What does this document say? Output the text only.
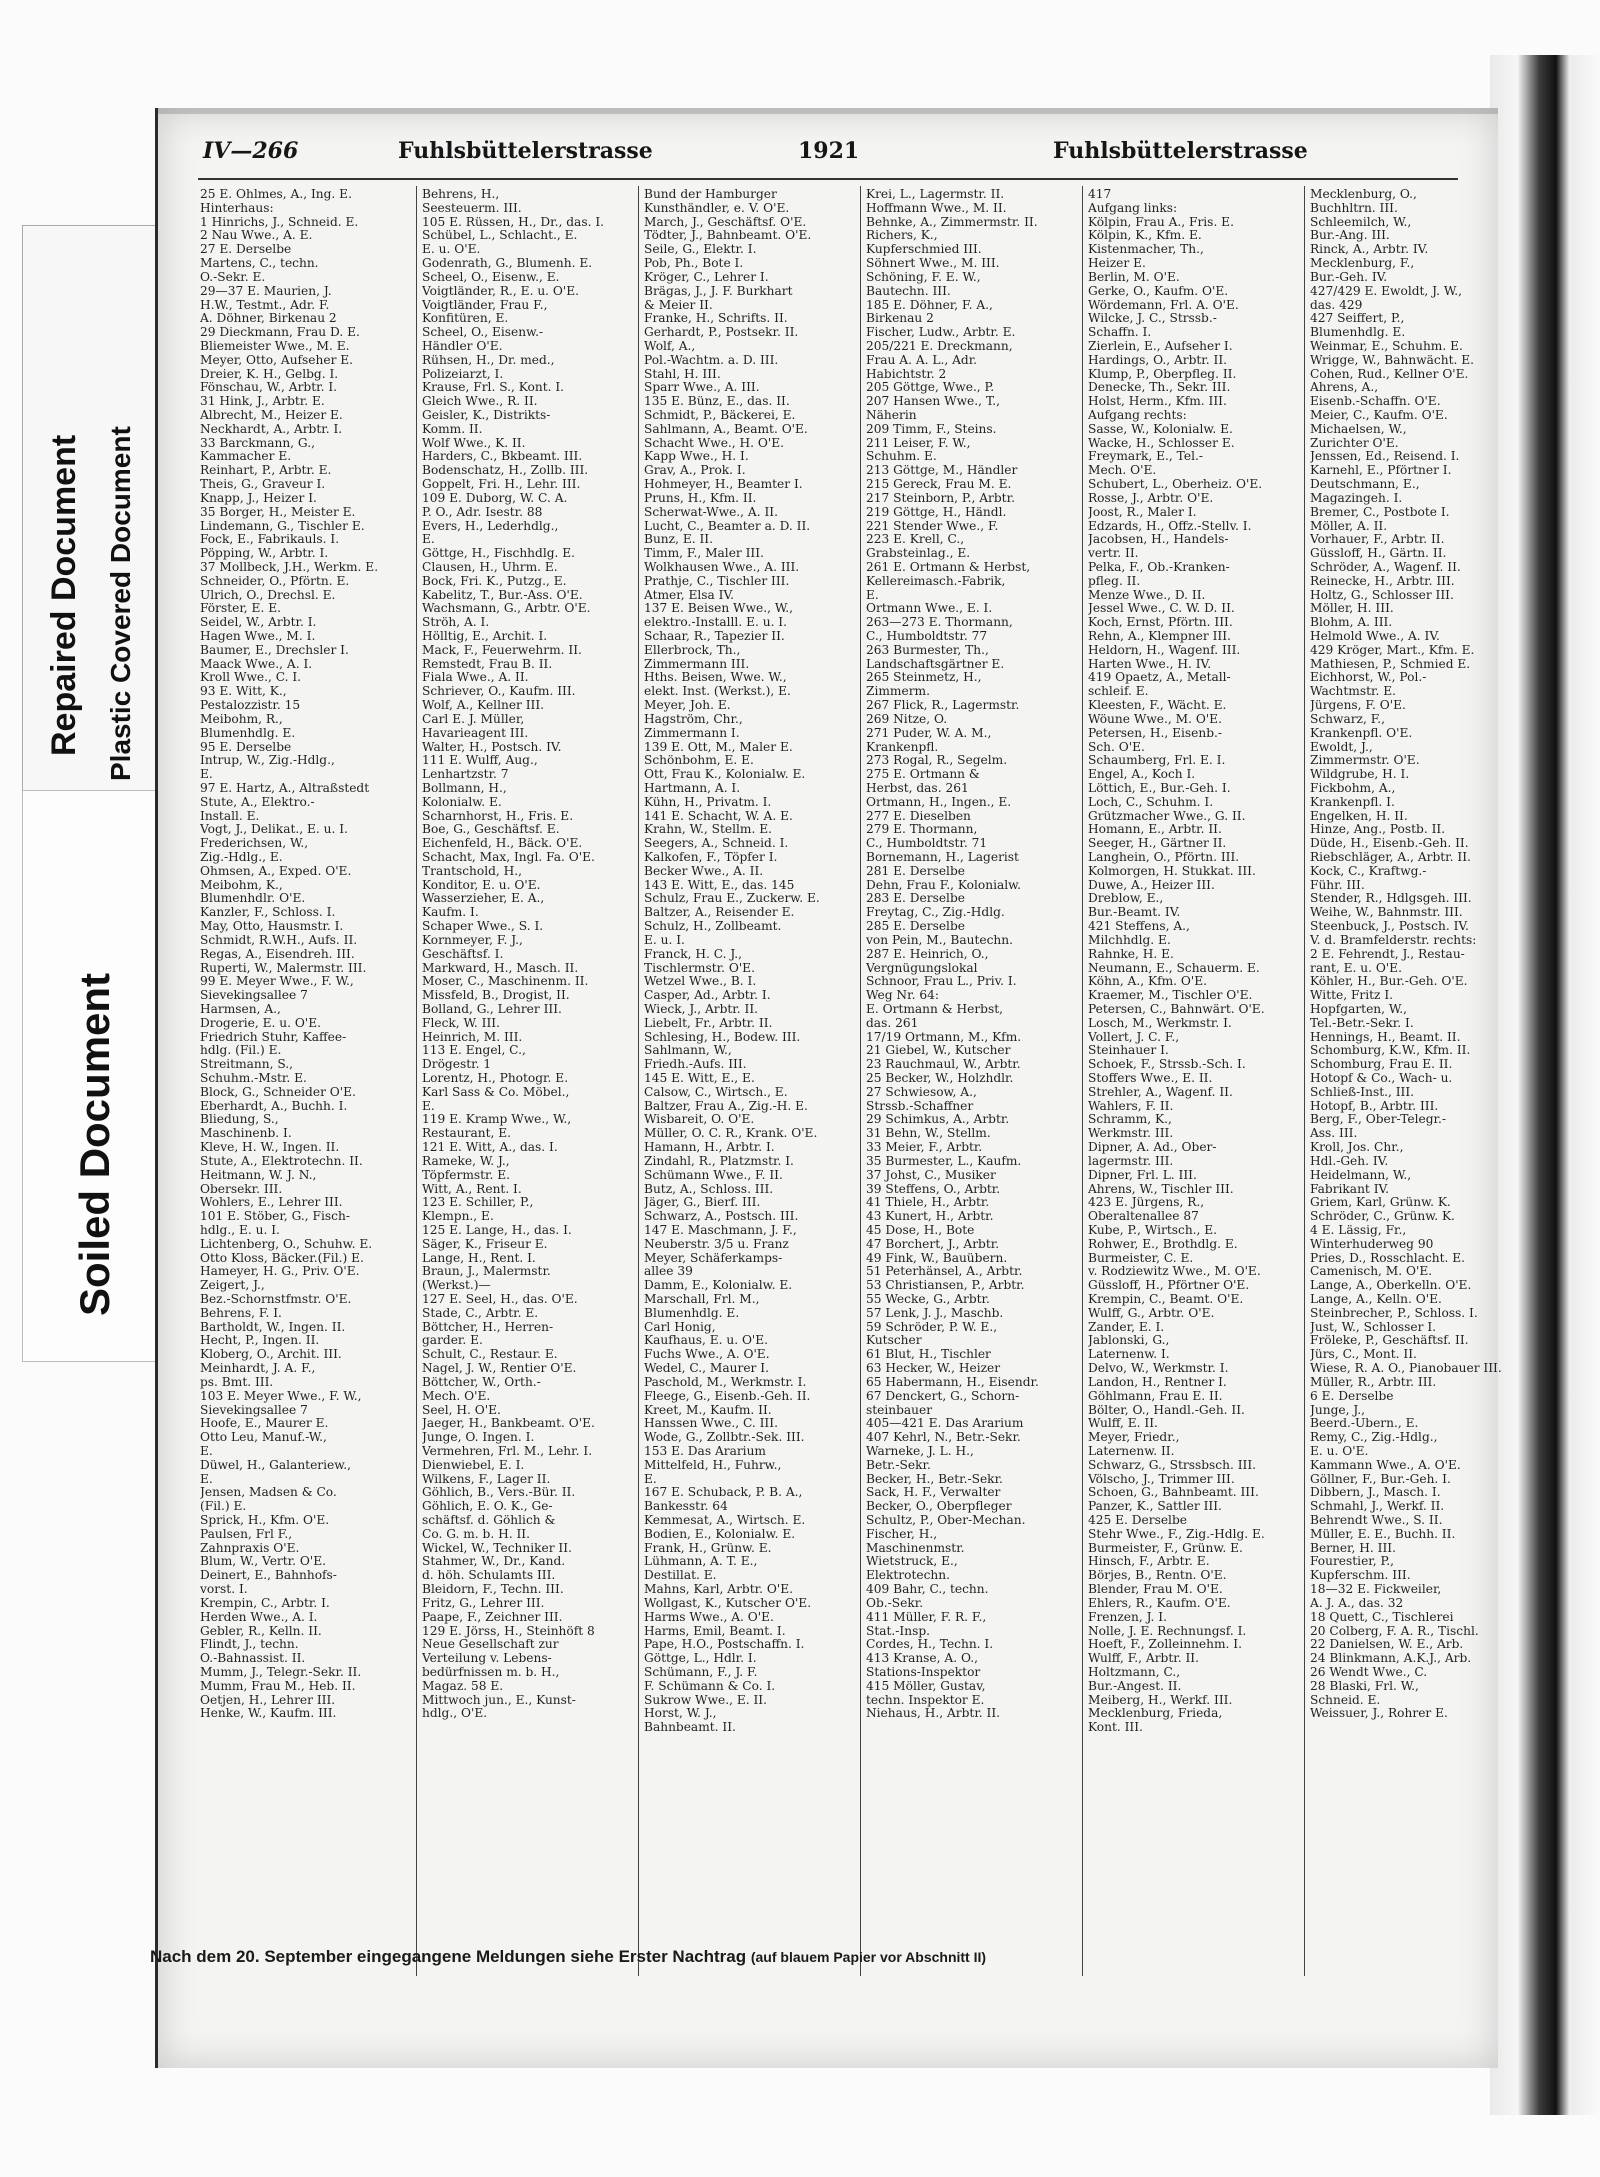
Repaired Document Plastic Covered Document
Soiled Document
IV—266	Fuhlsbüttelerstrasse	1921	Fuhlsbüttelerstrasse
25 E. Ohlmes, A., Ing. E.
Hinterhaus:
1 Hinrichs, J., Schneid. E.
2 Nau Wwe., A. E.
27 E. Derselbe
Martens, C., techn.
O.-Sekr. E.
29—37 E. Maurien, J.
H.W., Testmt., Adr. F.
A. Döhner, Birkenau 2
29 Dieckmann, Frau D. E.
Bliemeister Wwe., M. E.
Meyer, Otto, Aufseher E.
Dreier, K. H., Gelbg. I.
Fönschau, W., Arbtr. I.
31 Hink, J., Arbtr. E.
Albrecht, M., Heizer E.
Neckhardt, A., Arbtr. I.
33 Barckmann, G.,
Kammacher E.
Reinhart, P., Arbtr. E.
Theis, G., Graveur I.
Knapp, J., Heizer I.
35 Borger, H., Meister E.
Lindemann, G., Tischler E.
Fock, E., Fabrikauls. I.
Pöpping, W., Arbtr. I.
37 Mollbeck, J.H., Werkm. E.
Schneider, O., Pförtn. E.
Ulrich, O., Drechsl. E.
Förster, E. E.
Seidel, W., Arbtr. I.
Hagen Wwe., M. I.
Baumer, E., Drechsler I.
Maack Wwe., A. I.
Kroll Wwe., C. I.
93 E. Witt, K.,
Pestalozzistr. 15
Meibohm, R.,
Blumenhdlg. E.
95 E. Derselbe
Intrup, W., Zig.-Hdlg.,
E.
97 E. Hartz, A., Altraßstedt
Stute, A., Elektro.-
Install. E.
Vogt, J., Delikat., E. u. I.
Frederichsen, W.,
Zig.-Hdlg., E.
Ohmsen, A., Exped. O'E.
Meibohm, K.,
Blumenhdlr. O'E.
Kanzler, F., Schloss. I.
May, Otto, Hausmstr. I.
Schmidt, R.W.H., Aufs. II.
Regas, A., Eisendreh. III.
Ruperti, W., Malermstr. III.
99 E. Meyer Wwe., F. W.,
Sievekingsallee 7
Harmsen, A.,
Drogerie, E. u. O'E.
Friedrich Stuhr, Kaffee-
hdlg. (Fil.) E.
Streitmann, S.,
Schuhm.-Mstr. E.
Block, G., Schneider O'E.
Eberhardt, A., Buchh. I.
Bliedung, S.,
Maschinenb. I.
Kleve, H. W., Ingen. II.
Stute, A., Elektrotechn. II.
Heitmann, W. J. N.,
Obersekr. III.
Wohlers, E., Lehrer III.
101 E. Stöber, G., Fisch-
hdlg., E. u. I.
Lichtenberg, O., Schuhw. E.
Otto Kloss, Bäcker.(Fil.) E.
Hameyer, H. G., Priv. O'E.
Zeigert, J.,
Bez.-Schornstfmstr. O'E.
Behrens, F. I.
Bartholdt, W., Ingen. II.
Hecht, P., Ingen. II.
Kloberg, O., Archit. III.
Meinhardt, J. A. F.,
ps. Bmt. III.
103 E. Meyer Wwe., F. W.,
Sievekingsallee 7
Hoofe, E., Maurer E.
Otto Leu, Manuf.-W.,
E.
Düwel, H., Galanteriew.,
E.
Jensen, Madsen & Co.
(Fil.) E.
Sprick, H., Kfm. O'E.
Paulsen, Frl F.,
Zahnpraxis O'E.
Blum, W., Vertr. O'E.
Deinert, E., Bahnhofs-
vorst. I.
Krempin, C., Arbtr. I.
Herden Wwe., A. I.
Gebler, R., Kelln. II.
Flindt, J., techn.
O.-Bahnassist. II.
Mumm, J., Telegr.-Sekr. II.
Mumm, Frau M., Heb. II.
Oetjen, H., Lehrer III.
Henke, W., Kaufm. III.
Behrens, H.,
Seesteuerm. III.
105 E. Rüssen, H., Dr., das. I.
Schübel, L., Schlacht., E.
E. u. O'E.
Godenrath, G., Blumenh. E.
Scheel, O., Eisenw., E.
Voigtländer, R., E. u. O'E.
Voigtländer, Frau F.,
Konfitüren, E.
Scheel, O., Eisenw.-
Händler O'E.
Rühsen, H., Dr. med.,
Polizeiarzt, I.
Krause, Frl. S., Kont. I.
Gleich Wwe., R. II.
Geisler, K., Distrikts-
Komm. II.
Wolf Wwe., K. II.
Harders, C., Bkbeamt. III.
Bodenschatz, H., Zollb. III.
Goppelt, Fri. H., Lehr. III.
109 E. Duborg, W. C. A.
P. O., Adr. Isestr. 88
Evers, H., Lederhdlg.,
E.
Göttge, H., Fischhdlg. E.
Clausen, H., Uhrm. E.
Bock, Fri. K., Putzg., E.
Kabelitz, T., Bur.-Ass. O'E.
Wachsmann, G., Arbtr. O'E.
Ströh, A. I.
Hölltig, E., Archit. I.
Mack, F., Feuerwehrm. II.
Remstedt, Frau B. II.
Fiala Wwe., A. II.
Schriever, O., Kaufm. III.
Wolf, A., Kellner III.
Carl E. J. Müller,
Havarieagent III.
Walter, H., Postsch. IV.
111 E. Wulff, Aug.,
Lenhartzstr. 7
Bollmann, H.,
Kolonialw. E.
Scharnhorst, H., Fris. E.
Boe, G., Geschäftsf. E.
Eichenfeld, H., Bäck. O'E.
Schacht, Max, Ingl. Fa. O'E.
Trantschold, H.,
Konditor, E. u. O'E.
Wasserzieher, E. A.,
Kaufm. I.
Schaper Wwe., S. I.
Kornmeyer, F. J.,
Geschäftsf. I.
Markward, H., Masch. II.
Moser, C., Maschinenm. II.
Missfeld, B., Drogist, II.
Bolland, G., Lehrer III.
Fleck, W. III.
Heinrich, M. III.
113 E. Engel, C.,
Drögestr. 1
Lorentz, H., Photogr. E.
Karl Sass & Co. Möbel.,
E.
119 E. Kramp Wwe., W.,
Restaurant, E.
121 E. Witt, A., das. I.
Rameke, W. J.,
Töpfermstr. E.
Witt, A., Rent. I.
123 E. Schiller, P.,
Klempn., E.
125 E. Lange, H., das. I.
Säger, K., Friseur E.
Lange, H., Rent. I.
Braun, J., Malermstr.
(Werkst.)—
127 E. Seel, H., das. O'E.
Stade, C., Arbtr. E.
Böttcher, H., Herren-
garder. E.
Schult, C., Restaur. E.
Nagel, J. W., Rentier O'E.
Böttcher, W., Orth.-
Mech. O'E.
Seel, H. O'E.
Jaeger, H., Bankbeamt. O'E.
Junge, O. Ingen. I.
Vermehren, Frl. M., Lehr. I.
Dienwiebel, E. I.
Wilkens, F., Lager II.
Göhlich, B., Vers.-Bür. II.
Göhlich, E. O. K., Ge-
schäftsf. d. Göhlich &
Co. G. m. b. H. II.
Wickel, W., Techniker II.
Stahmer, W., Dr., Kand.
d. höh. Schulamts III.
Bleidorn, F., Techn. III.
Fritz, G., Lehrer III.
Paape, F., Zeichner III.
129 E. Jörss, H., Steinhöft 8
Neue Gesellschaft zur
Verteilung v. Lebens-
bedürfnissen m. b. H.,
Magaz. 58 E.
Mittwoch jun., E., Kunst-
hdlg., O'E.
Bund der Hamburger
Kunsthändler, e. V. O'E.
March, J., Geschäftsf. O'E.
Tödter, J., Bahnbeamt. O'E.
Seile, G., Elektr. I.
Pob, Ph., Bote I.
Kröger, C., Lehrer I.
Brägas, J., J. F. Burkhart
& Meier II.
Franke, H., Schrifts. II.
Gerhardt, P., Postsekr. II.
Wolf, A.,
Pol.-Wachtm. a. D. III.
Stahl, H. III.
Sparr Wwe., A. III.
135 E. Bünz, E., das. II.
Schmidt, P., Bäckerei, E.
Sahlmann, A., Beamt. O'E.
Schacht Wwe., H. O'E.
Kapp Wwe., H. I.
Grav, A., Prok. I.
Hohmeyer, H., Beamter I.
Pruns, H., Kfm. II.
Scherwat-Wwe., A. II.
Lucht, C., Beamter a. D. II.
Bunz, E. II.
Timm, F., Maler III.
Wolkhausen Wwe., A. III.
Prathje, C., Tischler III.
Atmer, Elsa IV.
137 E. Beisen Wwe., W.,
elektro.-Installl. E. u. I.
Schaar, R., Tapezier II.
Ellerbrock, Th.,
Zimmermann III.
Hths. Beisen, Wwe. W.,
elekt. Inst. (Werkst.), E.
Meyer, Joh. E.
Hagström, Chr.,
Zimmermann I.
139 E. Ott, M., Maler E.
Schönbohm, E. E.
Ott, Frau K., Kolonialw. E.
Hartmann, A. I.
Kühn, H., Privatm. I.
141 E. Schacht, W. A. E.
Krahn, W., Stellm. E.
Seegers, A., Schneid. I.
Kalkofen, F., Töpfer I.
Becker Wwe., A. II.
143 E. Witt, E., das. 145
Schulz, Frau E., Zuckerw. E.
Baltzer, A., Reisender E.
Schulz, H., Zollbeamt.
E. u. I.
Franck, H. C. J.,
Tischlermstr. O'E.
Wetzel Wwe., B. I.
Casper, Ad., Arbtr. I.
Wieck, J., Arbtr. II.
Liebelt, Fr., Arbtr. II.
Schlesing, H., Bodew. III.
Sahlmann, W.,
Friedh.-Aufs. III.
145 E. Witt, E., E.
Calsow, C., Wirtsch., E.
Baltzer, Frau A., Zig.-H. E.
Wisbareit, O. O'E.
Müller, O. C. R., Krank. O'E.
Hamann, H., Arbtr. I.
Zindahl, R., Platzmstr. I.
Schümann Wwe., F. II.
Butz, A., Schloss. III.
Jäger, G., Bierf. III.
Schwarz, A., Postsch. III.
147 E. Maschmann, J. F.,
Neuberstr. 3/5 u. Franz
Meyer, Schäferkamps-
allee 39
Damm, E., Kolonialw. E.
Marschall, Frl. M.,
Blumenhdlg. E.
Carl Honig,
Kaufhaus, E. u. O'E.
Fuchs Wwe., A. O'E.
Wedel, C., Maurer I.
Paschold, M., Werkmstr. I.
Fleege, G., Eisenb.-Geh. II.
Kreet, M., Kaufm. II.
Hanssen Wwe., C. III.
Wode, G., Zollbtr.-Sek. III.
153 E. Das Ärarium
Mittelfeld, H., Fuhrw.,
E.
167 E. Schuback, P. B. A.,
Bankesstr. 64
Kemmesat, A., Wirtsch. E.
Bodien, E., Kolonialw. E.
Frank, H., Grünw. E.
Lühmann, A. T. E.,
Destillat. E.
Mahns, Karl, Arbtr. O'E.
Wollgast, K., Kutscher O'E.
Harms Wwe., A. O'E.
Harms, Emil, Beamt. I.
Pape, H.O., Postschaffn. I.
Göttge, L., Hdlr. I.
Schümann, F., J. F.
F. Schümann & Co. I.
Sukrow Wwe., E. II.
Horst, W. J.,
Bahnbeamt. II.
Krei, L., Lagermstr. II.
Hoffmann Wwe., M. II.
Behnke, A., Zimmermstr. II.
Richers, K.,
Kupferschmied III.
Söhnert Wwe., M. III.
Schöning, F. E. W.,
Bautechn. III.
185 E. Döhner, F. A.,
Birkenau 2
Fischer, Ludw., Arbtr. E.
205/221 E. Dreckmann,
Frau A. A. L., Adr.
Habichtstr. 2
205 Göttge, Wwe., P.
207 Hansen Wwe., T.,
Näherin
209 Timm, F., Steins.
211 Leiser, F. W.,
Schuhm. E.
213 Göttge, M., Händler
215 Gereck, Frau M. E.
217 Steinborn, P., Arbtr.
219 Göttge, H., Händl.
221 Stender Wwe., F.
223 E. Krell, C.,
Grabsteinlag., E.
261 E. Ortmann & Herbst,
Kellereimasch.-Fabrik,
E.
Ortmann Wwe., E. I.
263—273 E. Thormann,
C., Humboldtstr. 77
263 Burmester, Th.,
Landschaftsgärtner E.
265 Steinmetz, H.,
Zimmerm.
267 Flick, R., Lagermstr.
269 Nitze, O.
271 Puder, W. A. M.,
Krankenpfl.
273 Rogal, R., Segelm.
275 E. Ortmann &
Herbst, das. 261
Ortmann, H., Ingen., E.
277 E. Dieselben
279 E. Thormann,
C., Humboldtstr. 71
Bornemann, H., Lagerist
281 E. Derselbe
Dehn, Frau F., Kolonialw.
283 E. Derselbe
Freytag, C., Zig.-Hdlg.
285 E. Derselbe
von Pein, M., Bautechn.
287 E. Heinrich, O.,
Vergnügungslokal
Schnoor, Frau L., Priv. I.
Weg Nr. 64:
E. Ortmann & Herbst,
das. 261
17/19 Ortmann, M., Kfm.
21 Giebel, W., Kutscher
23 Rauchmaul, W., Arbtr.
25 Becker, W., Holzhdlr.
27 Schwiesow, A.,
Strssb.-Schaffner
29 Schimkus, A., Arbtr.
31 Behn, W., Stellm.
33 Meier, F., Arbtr.
35 Burmester, L., Kaufm.
37 Johst, C., Musiker
39 Steffens, O., Arbtr.
41 Thiele, H., Arbtr.
43 Kunert, H., Arbtr.
45 Dose, H., Bote
47 Borchert, J., Arbtr.
49 Fink, W., Bauübern.
51 Peterhänsel, A., Arbtr.
53 Christiansen, P., Arbtr.
55 Wecke, G., Arbtr.
57 Lenk, J. J., Maschb.
59 Schröder, P. W. E.,
Kutscher
61 Blut, H., Tischler
63 Hecker, W., Heizer
65 Habermann, H., Eisendr.
67 Denckert, G., Schorn-
steinbauer
405—421 E. Das Ärarium
407 Kehrl, N., Betr.-Sekr.
Warneke, J. L. H.,
Betr.-Sekr.
Becker, H., Betr.-Sekr.
Sack, H. F., Verwalter
Becker, O., Oberpfleger
Schultz, P., Ober-Mechan.
Fischer, H.,
Maschinenmstr.
Wietstruck, E.,
Elektrotechn.
409 Bahr, C., techn.
Ob.-Sekr.
411 Müller, F. R. F.,
Stat.-Insp.
Cordes, H., Techn. I.
413 Kranse, A. O.,
Stations-Inspektor
415 Möller, Gustav,
techn. Inspektor E.
Niehaus, H., Arbtr. II.
417
Aufgang links:
Kölpin, Frau A., Fris. E.
Kölpin, K., Kfm. E.
Kistenmacher, Th.,
Heizer E.
Berlin, M. O'E.
Gerke, O., Kaufm. O'E.
Wördemann, Frl. A. O'E.
Wilcke, J. C., Strssb.-
Schaffn. I.
Zierlein, E., Aufseher I.
Hardings, O., Arbtr. II.
Klump, P., Oberpfleg. II.
Denecke, Th., Sekr. III.
Holst, Herm., Kfm. III.
Aufgang rechts:
Sasse, W., Kolonialw. E.
Wacke, H., Schlosser E.
Freymark, E., Tel.-
Mech. O'E.
Schubert, L., Oberheiz. O'E.
Rosse, J., Arbtr. O'E.
Joost, R., Maler I.
Edzards, H., Offz.-Stellv. I.
Jacobsen, H., Handels-
vertr. II.
Pelka, F., Ob.-Kranken-
pfleg. II.
Menze Wwe., D. II.
Jessel Wwe., C. W. D. II.
Koch, Ernst, Pförtn. III.
Rehn, A., Klempner III.
Heldorn, H., Wagenf. III.
Harten Wwe., H. IV.
419 Opaetz, A., Metall-
schleif. E.
Kleesten, F., Wächt. E.
Wöune Wwe., M. O'E.
Petersen, H., Eisenb.-
Sch. O'E.
Schaumberg, Frl. E. I.
Engel, A., Koch I.
Löttich, E., Bur.-Geh. I.
Loch, C., Schuhm. I.
Grützmacher Wwe., G. II.
Homann, E., Arbtr. II.
Seeger, H., Gärtner II.
Langhein, O., Pförtn. III.
Kolmorgen, H. Stukkat. III.
Duwe, A., Heizer III.
Dreblow, E.,
Bur.-Beamt. IV.
421 Steffens, A.,
Milchhdlg. E.
Rahnke, H. E.
Neumann, E., Schauerm. E.
Köhn, A., Kfm. O'E.
Kraemer, M., Tischler O'E.
Petersen, C., Bahnwärt. O'E.
Losch, M., Werkmstr. I.
Vollert, J. C. F.,
Steinhauer I.
Schoek, F., Strssb.-Sch. I.
Stoffers Wwe., E. II.
Strehler, A., Wagenf. II.
Wahlers, F. II.
Schramm, K.,
Werkmstr. III.
Dipner, A. Ad., Ober-
lagermstr. III.
Dipner, Frl. L. III.
Ahrens, W., Tischler III.
423 E. Jürgens, R.,
Oberaltenallee 87
Kube, P., Wirtsch., E.
Rohwer, E., Brothdlg. E.
Burmeister, C. E.
v. Rodziewitz Wwe., M. O'E.
Güssloff, H., Pförtner O'E.
Krempin, C., Beamt. O'E.
Wulff, G., Arbtr. O'E.
Zander, E. I.
Jablonski, G.,
Laternenw. I.
Delvo, W., Werkmstr. I.
Landon, H., Rentner I.
Göhlmann, Frau E. II.
Bölter, O., Handl.-Geh. II.
Wulff, E. II.
Meyer, Friedr.,
Laternenw. II.
Schwarz, G., Strssbsch. III.
Völscho, J., Trimmer III.
Schoen, G., Bahnbeamt. III.
Panzer, K., Sattler III.
425 E. Derselbe
Stehr Wwe., F., Zig.-Hdlg. E.
Burmeister, F., Grünw. E.
Hinsch, F., Arbtr. E.
Börjes, B., Rentn. O'E.
Blender, Frau M. O'E.
Ehlers, R., Kaufm. O'E.
Frenzen, J. I.
Nolle, J. E. Rechnungsf. I.
Hoeft, F., Zolleinnehm. I.
Wulff, F., Arbtr. II.
Holtzmann, C.,
Bur.-Angest. II.
Meiberg, H., Werkf. III.
Mecklenburg, Frieda,
Kont. III.
Mecklenburg, O.,
Buchhltrn. III.
Schleemilch, W.,
Bur.-Ang. III.
Rinck, A., Arbtr. IV.
Mecklenburg, F.,
Bur.-Geh. IV.
427/429 E. Ewoldt, J. W.,
das. 429
427 Seiffert, P.,
Blumenhdlg. E.
Weinmar, E., Schuhm. E.
Wrigge, W., Bahnwächt. E.
Cohen, Rud., Kellner O'E.
Ahrens, A.,
Eisenb.-Schaffn. O'E.
Meier, C., Kaufm. O'E.
Michaelsen, W.,
Zurichter O'E.
Jenssen, Ed., Reisend. I.
Karnehl, E., Pförtner I.
Deutschmann, E.,
Magazingeh. I.
Bremer, C., Postbote I.
Möller, A. II.
Vorhauer, F., Arbtr. II.
Güssloff, H., Gärtn. II.
Schröder, A., Wagenf. II.
Reinecke, H., Arbtr. III.
Holtz, G., Schlosser III.
Möller, H. III.
Blohm, A. III.
Helmold Wwe., A. IV.
429 Kröger, Mart., Kfm. E.
Mathiesen, P., Schmied E.
Eichhorst, W., Pol.-
Wachtmstr. E.
Jürgens, F. O'E.
Schwarz, F.,
Krankenpfl. O'E.
Ewoldt, J.,
Zimmermstr. O'E.
Wildgrube, H. I.
Fickbohm, A.,
Krankenpfl. I.
Engelken, H. II.
Hinze, Ang., Postb. II.
Düde, H., Eisenb.-Geh. II.
Riebschläger, A., Arbtr. II.
Kock, C., Kraftwg.-
Führ. III.
Stender, R., Hdlgsgeh. III.
Weihe, W., Bahnmstr. III.
Steenbuck, J., Postsch. IV.
V. d. Bramfelderstr. rechts:
2 E. Fehrendt, J., Restau-
rant, E. u. O'E.
Köhler, H., Bur.-Geh. O'E.
Witte, Fritz I.
Hopfgarten, W.,
Tel.-Betr.-Sekr. I.
Hennings, H., Beamt. II.
Schomburg, K.W., Kfm. II.
Schomburg, Frau E. II.
Hotopf & Co., Wach- u.
Schließ-Inst., III.
Hotopf, B., Arbtr. III.
Berg, F., Ober-Telegr.-
Ass. III.
Kroll, Jos. Chr.,
Hdl.-Geh. IV.
Heidelmann, W.,
Fabrikant IV.
Griem, Karl, Grünw. K.
Schröder, C., Grünw. K.
4 E. Lässig, Fr.,
Winterhuderweg 90
Pries, D., Rosschlacht. E.
Camenisch, M. O'E.
Lange, A., Oberkelln. O'E.
Lange, A., Kelln. O'E.
Steinbrecher, P., Schloss. I.
Just, W., Schlosser I.
Fröleke, P., Geschäftsf. II.
Jürs, C., Mont. II.
Wiese, R. A. O., Pianobauer III.
Müller, R., Arbtr. III.
6 E. Derselbe
Junge, J.,
Beerd.-Übern., E.
Remy, C., Zig.-Hdlg.,
E. u. O'E.
Kammann Wwe., A. O'E.
Göllner, F., Bur.-Geh. I.
Dibbern, J., Masch. I.
Schmahl, J., Werkf. II.
Behrendt Wwe., S. II.
Müller, E. E., Buchh. II.
Berner, H. III.
Fourestier, P.,
Kupferschm. III.
18—32 E. Fickweiler,
A. J. A., das. 32
18 Quett, C., Tischlerei
20 Colberg, F. A. R., Tischl.
22 Danielsen, W. E., Arb.
24 Blinkmann, A.K.J., Arb.
26 Wendt Wwe., C.
28 Blaski, Frl. W.,
Schneid. E.
Weissuer, J., Rohrer E.
Nach dem 20. September eingegangene Meldungen siehe Erster Nachtrag (auf blauem Papier vor Abschnitt II)
